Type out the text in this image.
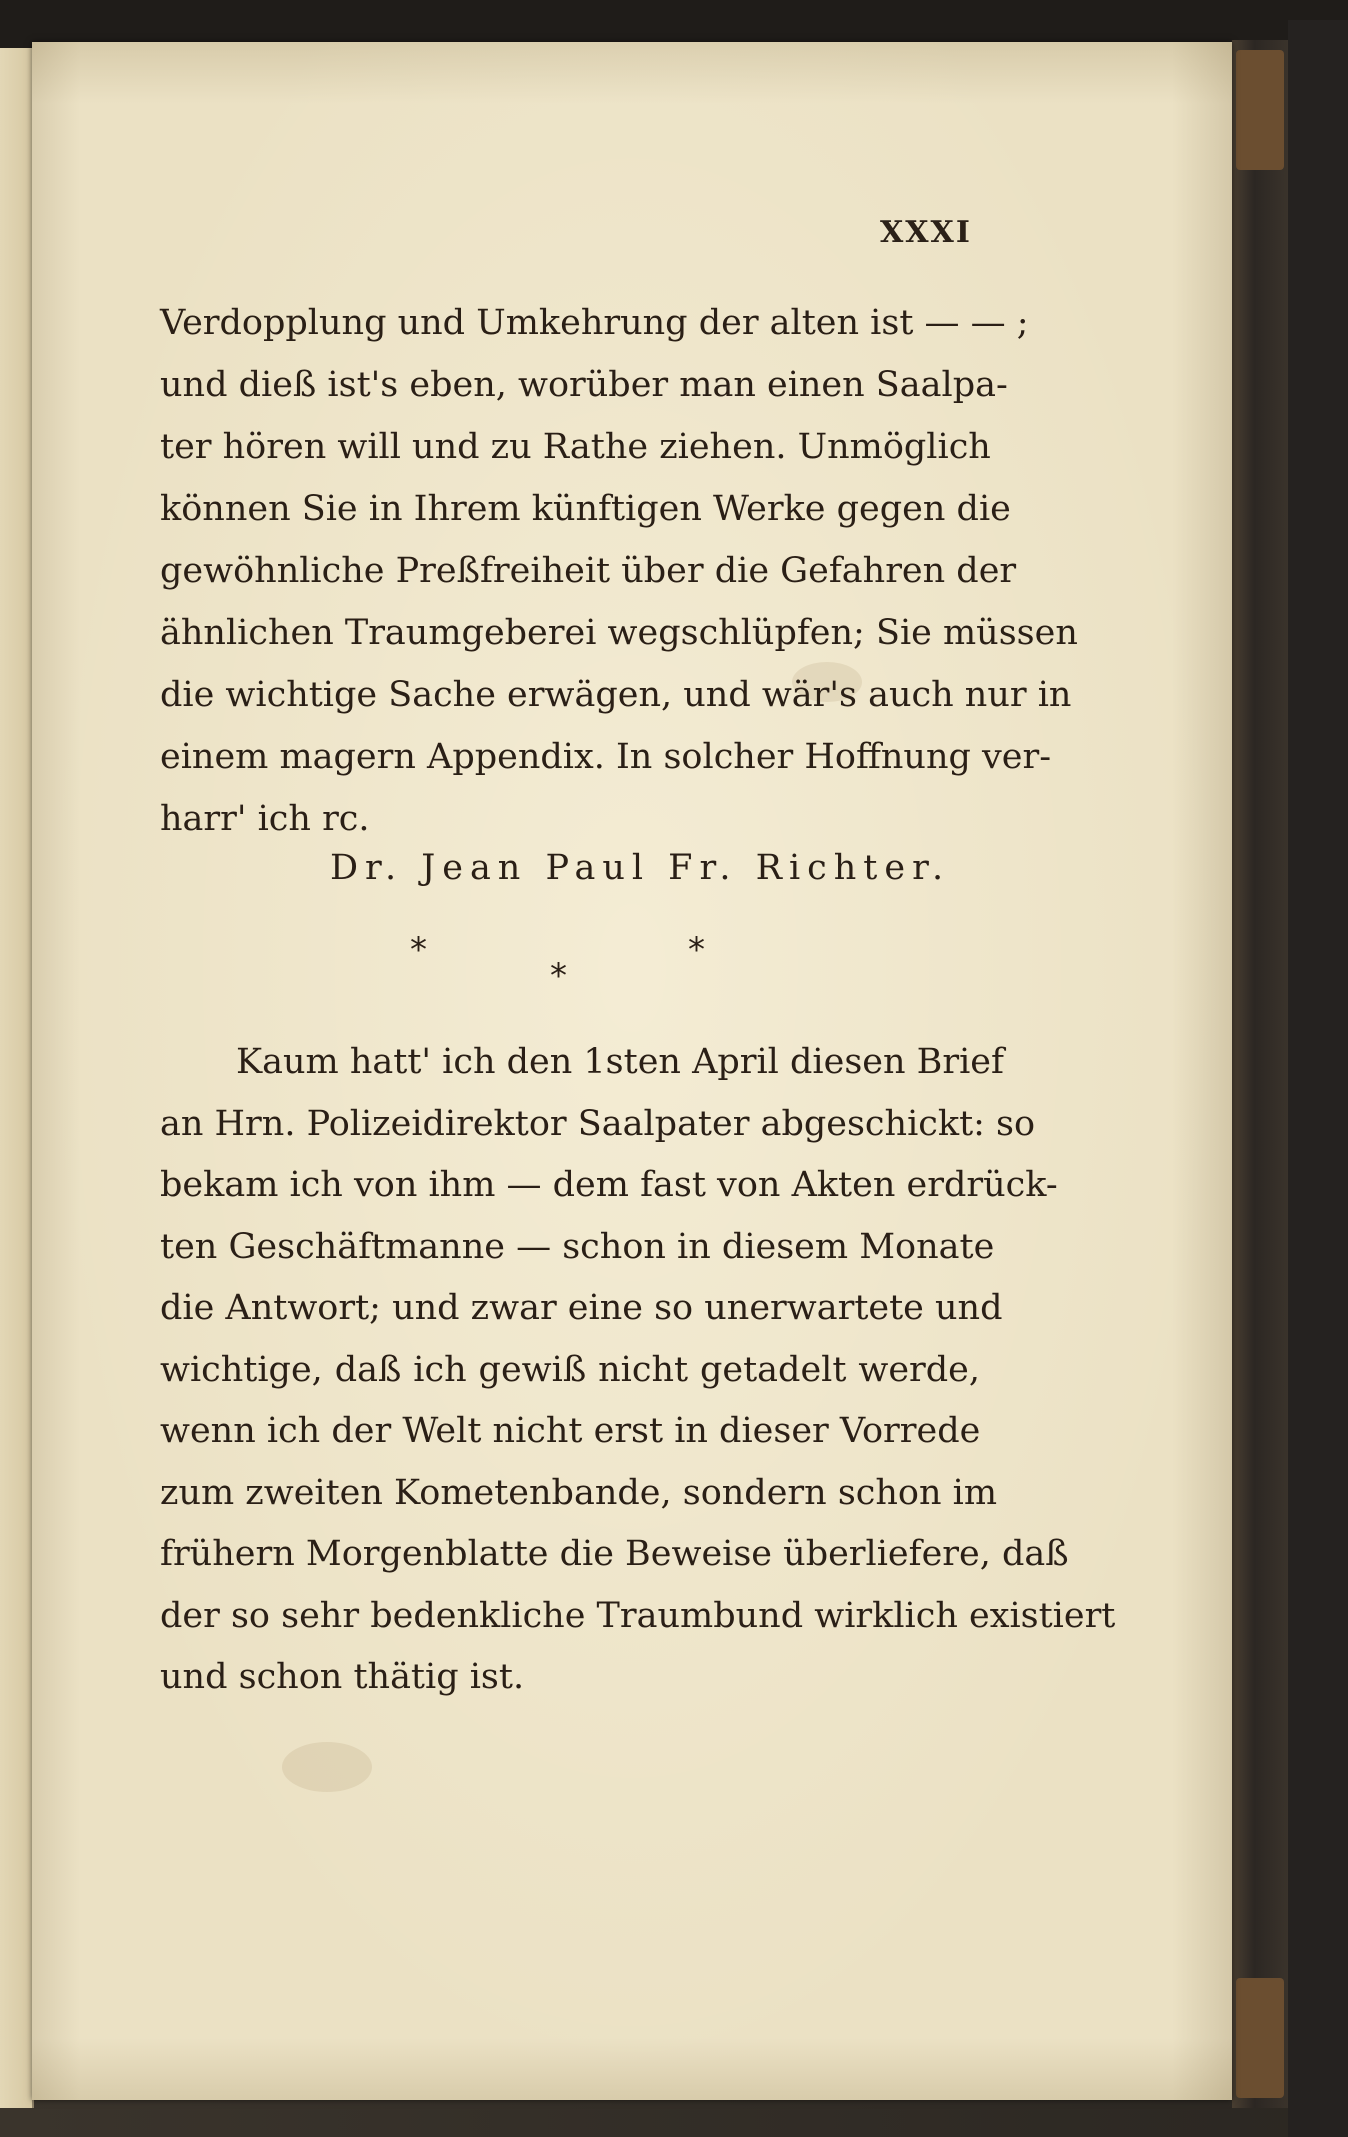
XXXI
Verdopplung und Umkehrung der alten ist — — ;
und dieß ist's eben, worüber man einen Saalpa-
ter hören will und zu Rathe ziehen. Unmöglich
können Sie in Ihrem künftigen Werke gegen die
gewöhnliche Preßfreiheit über die Gefahren der
ähnlichen Traumgeberei wegschlüpfen; Sie müssen
die wichtige Sache erwägen, und wär's auch nur in
einem magern Appendix. In solcher Hoffnung ver-
harr' ich rc.
Dr. Jean Paul Fr. Richter.
*
*
*
Kaum hatt' ich den 1sten April diesen Brief
an Hrn. Polizeidirektor Saalpater abgeschickt: so
bekam ich von ihm — dem fast von Akten erdrück-
ten Geschäftmanne — schon in diesem Monate
die Antwort; und zwar eine so unerwartete und
wichtige, daß ich gewiß nicht getadelt werde,
wenn ich der Welt nicht erst in dieser Vorrede
zum zweiten Kometenbande, sondern schon im
frühern Morgenblatte die Beweise überliefere, daß
der so sehr bedenkliche Traumbund wirklich existiert
und schon thätig ist.
